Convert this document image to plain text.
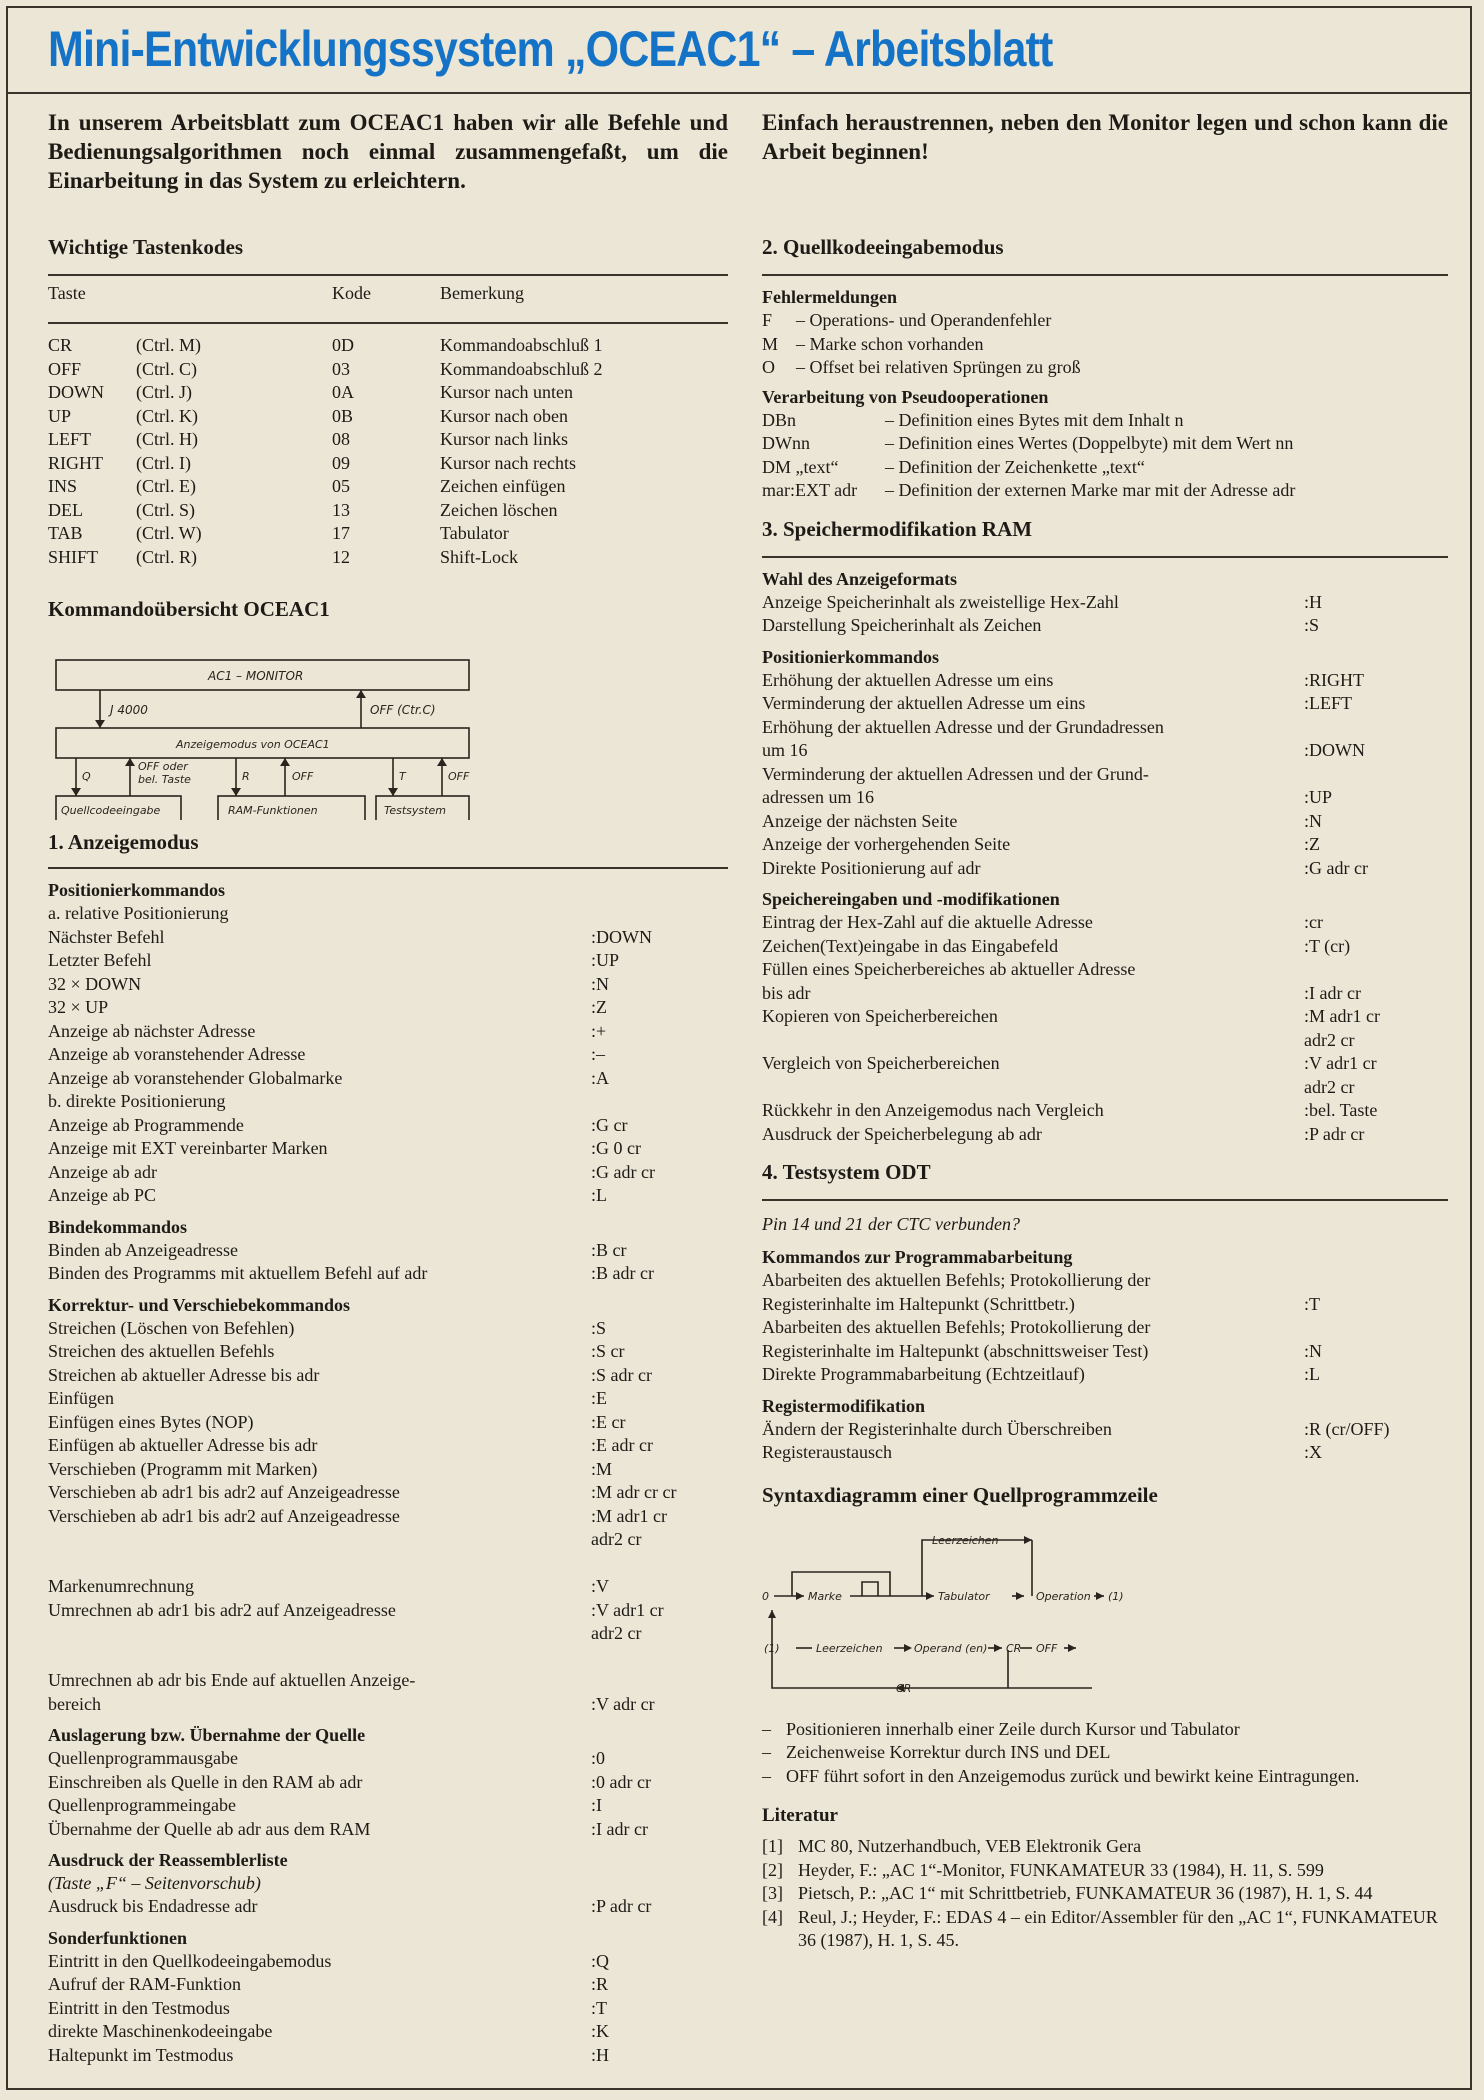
Mini-Entwicklungssystem „OCEAC1“ – Arbeitsblatt

In unserem Arbeitsblatt zum OCEAC1 haben wir alle Befehle und Bedienungsalgorithmen noch einmal zusammengefaßt, um die Einarbeitung in das System zu erleichtern.

Wichtige Tastenkodes

Taste	Kode	Bemerkung
CR	(Ctrl. M)	0D	Kommandoabschluß 1
OFF	(Ctrl. C)	03	Kommandoabschluß 2
DOWN (Ctrl. J)	0A	Kursor nach unten
UP	(Ctrl. K)	0B	Kursor nach oben
LEFT	(Ctrl. H)	08	Kursor nach links
RIGHT (Ctrl. I)	09	Kursor nach rechts
INS	(Ctrl. E)	05	Zeichen einfügen
DEL	(Ctrl. S)	13	Zeichen löschen
TAB	(Ctrl. W)	17	Tabulator
SHIFT (Ctrl. R)	12	Shift-Lock

Kommandoübersicht OCEAC1

AC1 – MONITOR
J 4000	OFF (Ctr.C)
Anzeigemodus von OCEAC1
Q
OFF oder
bel. Taste	R	OFF	T	OFF
Quellcodeeingabe	RAM-Funktionen	Testsystem

1. Anzeigemodus

Positionierkommandos

a. relative Positionierung
Nächster Befehl	:DOWN
Letzter Befehl	:UP
32 × DOWN	:N
32 × UP	:Z
Anzeige ab nächster Adresse	:+
Anzeige ab voranstehender Adresse	:–
Anzeige ab voranstehender Globalmarke	:A
b. direkte Positionierung
Anzeige ab Programmende	:G cr
Anzeige mit EXT vereinbarter Marken	:G 0 cr
Anzeige ab adr	:G adr cr
Anzeige ab PC	:L

Bindekommandos

Binden ab Anzeigeadresse	:B cr
Binden des Programms mit aktuellem Befehl auf adr	:B adr cr

Korrektur- und Verschiebekommandos

Streichen (Löschen von Befehlen)	:S
Streichen des aktuellen Befehls	:S cr
Streichen ab aktueller Adresse bis adr	:S adr cr
Einfügen	:E
Einfügen eines Bytes (NOP)	:E cr
Einfügen ab aktueller Adresse bis adr	:E adr cr
Verschieben (Programm mit Marken)	:M
Verschieben ab adr1 bis adr2 auf Anzeigeadresse	:M adr cr cr
Verschieben ab adr1 bis adr2 auf Anzeigeadresse	:M adr1 cr
adr2 cr
Markenumrechnung	:V
Umrechnen ab adr1 bis adr2 auf Anzeigeadresse	:V adr1 cr
adr2 cr
Umrechnen ab adr bis Ende auf aktuellen Anzeige-
bereich	:V adr cr

Auslagerung bzw. Übernahme der Quelle

Quellenprogrammausgabe	:0
Einschreiben als Quelle in den RAM ab adr	:0 adr cr
Quellenprogrammeingabe	:I
Übernahme der Quelle ab adr aus dem RAM	:I adr cr

Ausdruck der Reassemblerliste

(Taste „F“ – Seitenvorschub)
Ausdruck bis Endadresse adr	:P adr cr

Sonderfunktionen

Eintritt in den Quellkodeeingabemodus	:Q
Aufruf der RAM-Funktion	:R
Eintritt in den Testmodus	:T
direkte Maschinenkodeeingabe	:K
Haltepunkt im Testmodus	:H

Einfach heraustrennen, neben den Monitor legen und schon kann die Arbeit beginnen!

2. Quellkodeeingabemodus

Fehlermeldungen

F – Operations- und Operandenfehler
M – Marke schon vorhanden
O – Offset bei relativen Sprüngen zu groß

Verarbeitung von Pseudooperationen

DBn	– Definition eines Bytes mit dem Inhalt n
DWnn	– Definition eines Wertes (Doppelbyte) mit dem Wert nn
DM „text“	– Definition der Zeichenkette „text“
mar:EXT adr – Definition der externen Marke mar mit der Adresse adr

3. Speichermodifikation RAM

Wahl des Anzeigeformats

Anzeige Speicherinhalt als zweistellige Hex-Zahl	:H
Darstellung Speicherinhalt als Zeichen	:S

Positionierkommandos

Erhöhung der aktuellen Adresse um eins	:RIGHT
Verminderung der aktuellen Adresse um eins	:LEFT
Erhöhung der aktuellen Adresse und der Grundadressen
um 16	:DOWN
Verminderung der aktuellen Adressen und der Grund-
adressen um 16	:UP
Anzeige der nächsten Seite	:N
Anzeige der vorhergehenden Seite	:Z
Direkte Positionierung auf adr	:G adr cr

Speichereingaben und -modifikationen

Eintrag der Hex-Zahl auf die aktuelle Adresse	:cr
Zeichen(Text)eingabe in das Eingabefeld	:T (cr)
Füllen eines Speicherbereiches ab aktueller Adresse
bis adr	:I adr cr
Kopieren von Speicherbereichen	:M adr1 cr
adr2 cr
Vergleich von Speicherbereichen	:V adr1 cr
adr2 cr
Rückkehr in den Anzeigemodus nach Vergleich	:bel. Taste
Ausdruck der Speicherbelegung ab adr	:P adr cr

4. Testsystem ODT

Pin 14 und 21 der CTC verbunden?

Kommandos zur Programmabarbeitung

Abarbeiten des aktuellen Befehls; Protokollierung der
Registerinhalte im Haltepunkt (Schrittbetr.)	:T
Abarbeiten des aktuellen Befehls; Protokollierung der
Registerinhalte im Haltepunkt (abschnittsweiser Test)	:N
Direkte Programmabarbeitung (Echtzeitlauf)	:L

Registermodifikation

Ändern der Registerinhalte durch Überschreiben	:R (cr/OFF)
Registeraustausch	:X

Syntaxdiagramm einer Quellprogrammzeile

Leerzeichen
0	Marke	Tabulator	Operation (1)
(1)	Leerzeichen	Operand (en) CR OFF
CR
– Positionieren innerhalb einer Zeile durch Kursor und Tabulator
– Zeichenweise Korrektur durch INS und DEL
– OFF führt sofort in den Anzeigemodus zurück und bewirkt keine Eintragungen.

Literatur

[1] MC 80, Nutzerhandbuch, VEB Elektronik Gera
[2] Heyder, F.: „AC 1“-Monitor, FUNKAMATEUR 33 (1984), H. 11, S. 599
[3] Pietsch, P.: „AC 1“ mit Schrittbetrieb, FUNKAMATEUR 36 (1987), H. 1, S. 44
[4] Reul, J.; Heyder, F.: EDAS 4 – ein Editor/Assembler für den „AC 1“, FUNKAMATEUR 36 (1987), H. 1, S. 45.
